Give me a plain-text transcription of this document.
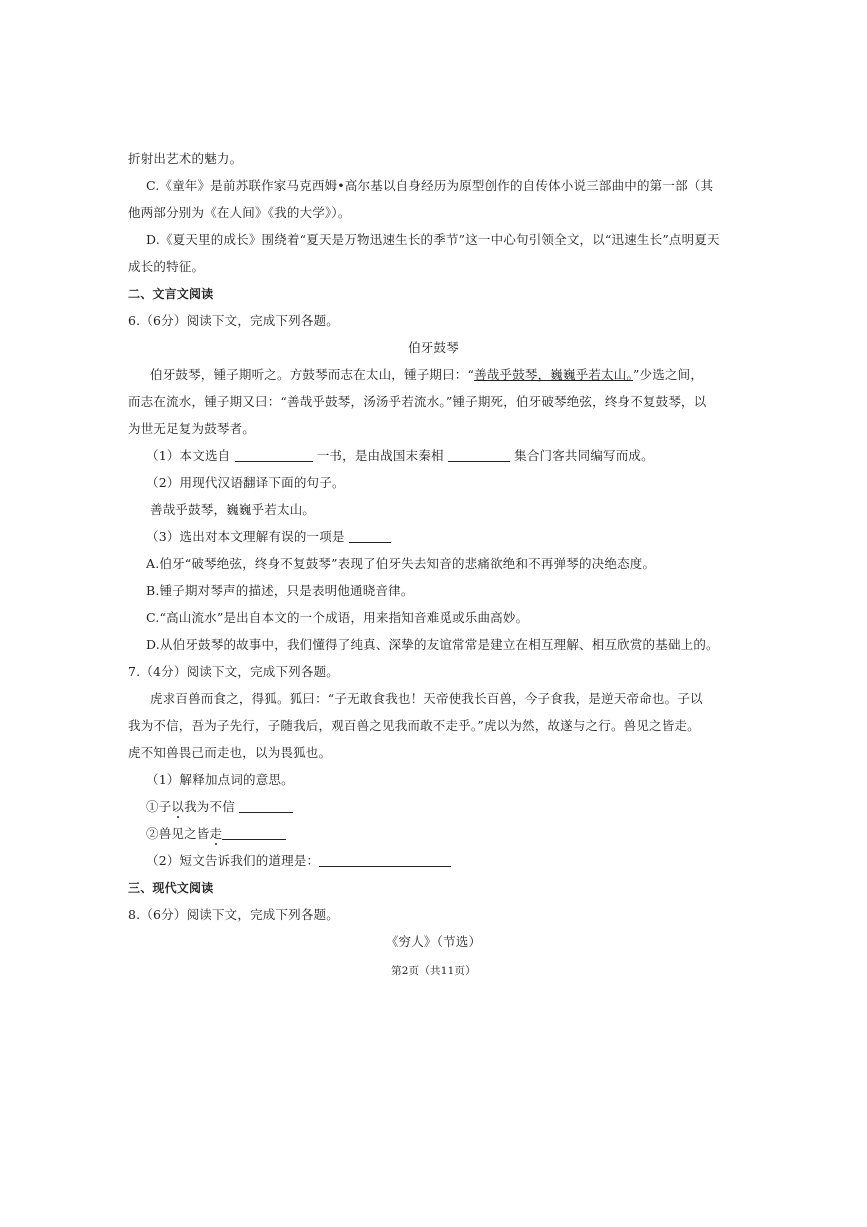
折射出艺术的魅力。
C.《童年》是前苏联作家马克西姆•高尔基以自身经历为原型创作的自传体小说三部曲中的第一部（其
他两部分别为《在人间》《我的大学》）。
D.《夏天里的成长》围绕着“夏天是万物迅速生长的季节”这一中心句引领全文，以“迅速生长”点明夏天
成长的特征。
二、文言文阅读
6.（6分）阅读下文，完成下列各题。
伯牙鼓琴
伯牙鼓琴，锺子期听之。方鼓琴而志在太山，锺子期曰：“善哉乎鼓琴，巍巍乎若太山。”少选之间，
而志在流水，锺子期又曰：“善哉乎鼓琴，汤汤乎若流水。”锺子期死，伯牙破琴绝弦，终身不复鼓琴，以
为世无足复为鼓琴者。
（1）本文选自	一书，是由战国末秦相	集合门客共同编写而成。
（2）用现代汉语翻译下面的句子。
善哉乎鼓琴，巍巍乎若太山。
（3）选出对本文理解有误的一项是
A.伯牙“破琴绝弦，终身不复鼓琴”表现了伯牙失去知音的悲痛欲绝和不再弹琴的决绝态度。
B.锺子期对琴声的描述，只是表明他通晓音律。
C.“高山流水”是出自本文的一个成语，用来指知音难觅或乐曲高妙。
D.从伯牙鼓琴的故事中，我们懂得了纯真、深挚的友谊常常是建立在相互理解、相互欣赏的基础上的。
7.（4分）阅读下文，完成下列各题。
虎求百兽而食之，得狐。狐曰：“子无敢食我也！天帝使我长百兽，今子食我，是逆天帝命也。子以
我为不信，吾为子先行，子随我后，观百兽之见我而敢不走乎。”虎以为然，故遂与之行。兽见之皆走。
虎不知兽畏己而走也，以为畏狐也。
（1）解释加点词的意思。
①子以我为不信
②兽见之皆走
（2）短文告诉我们的道理是：
三、现代文阅读
8.（6分）阅读下文，完成下列各题。
《穷人》（节选）
第2页（共11页）
